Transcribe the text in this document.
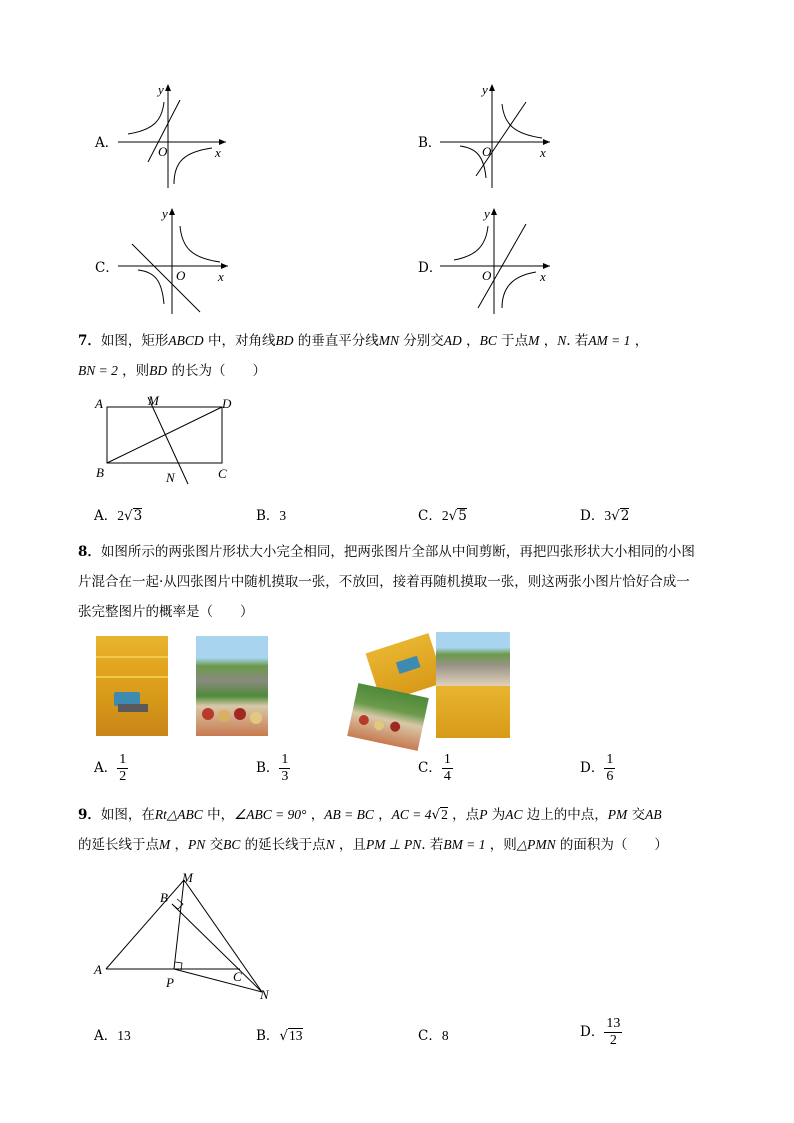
A．
O	x
y
B．
O	x
y
C．	O	x
y
D．	O	x
y
7．如图，矩形ABCD 中，对角线BD 的垂直平分线MN 分别交AD ，BC 于点M ，N. 若AM = 1 ，
BN = 2 ，则BD 的长为（　　）
A	M	D
B	N	C
A．2√3	B．3	C．2√5	D．3√2
8．如图所示的两张图片形状大小完全相同，把两张图片全部从中间剪断，再把四张形状大小相同的小图
片混合在一起·从四张图片中随机摸取一张，不放回，接着再随机摸取一张，则这两张小图片恰好合成一
张完整图片的概率是（　　）
A． $\frac{1}{2}$	B． $\frac{1}{3}$	C． $\frac{1}{4}$	D． $\frac{1}{6}$
9．如图，在Rt△ABC 中，∠ABC = 90° ，AB = BC ，AC = 4√2 ，点P 为AC 边上的中点，PM 交AB
的延长线于点M ，PN 交BC 的延长线于点N ，且PM ⊥ PN. 若BM = 1 ，则△PMN 的面积为（　　）
M
B
A
P	C
N
A．13	B．√13	C．8	D． $\frac{13}{2}$
